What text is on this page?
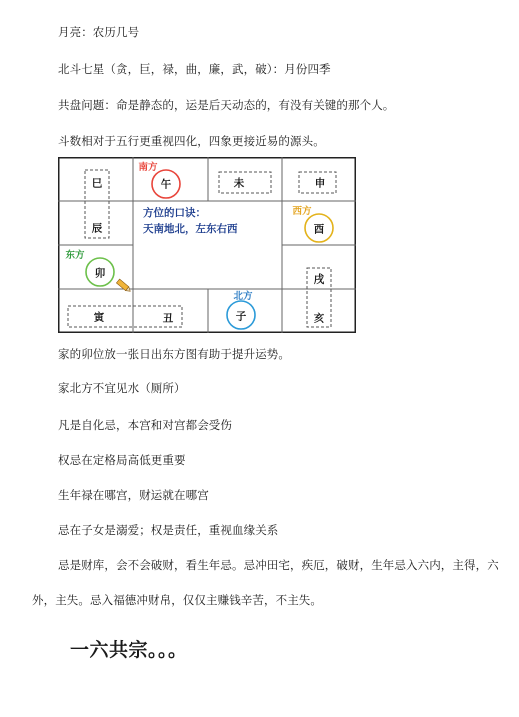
月亮：农历几号
北斗七星（贪，巨，禄，曲，廉，武，破）：月份四季
共盘问题：命是静态的，运是后天动态的，有没有关键的那个人。
斗数相对于五行更重视四化，四象更接近易的源头。
巳	午	未	申
辰	酉
卯	戌
寅	丑	子	亥
南方
西方
东方
北方
方位的口诀：
天南地北，左东右西
家的卯位放一张日出东方图有助于提升运势。
家北方不宜见水（厕所）
凡是自化忌，本宫和对宫都会受伤
权忌在定格局高低更重要
生年禄在哪宫，财运就在哪宫
忌在子女是溺爱；权是责任，重视血缘关系
忌是财库，会不会破财，看生年忌。忌冲田宅，疾厄，破财，生年忌入六内，主得，六外，主失。忌入福德冲财帛，仅仅主赚钱辛苦，不主失。
一六共宗。。。
